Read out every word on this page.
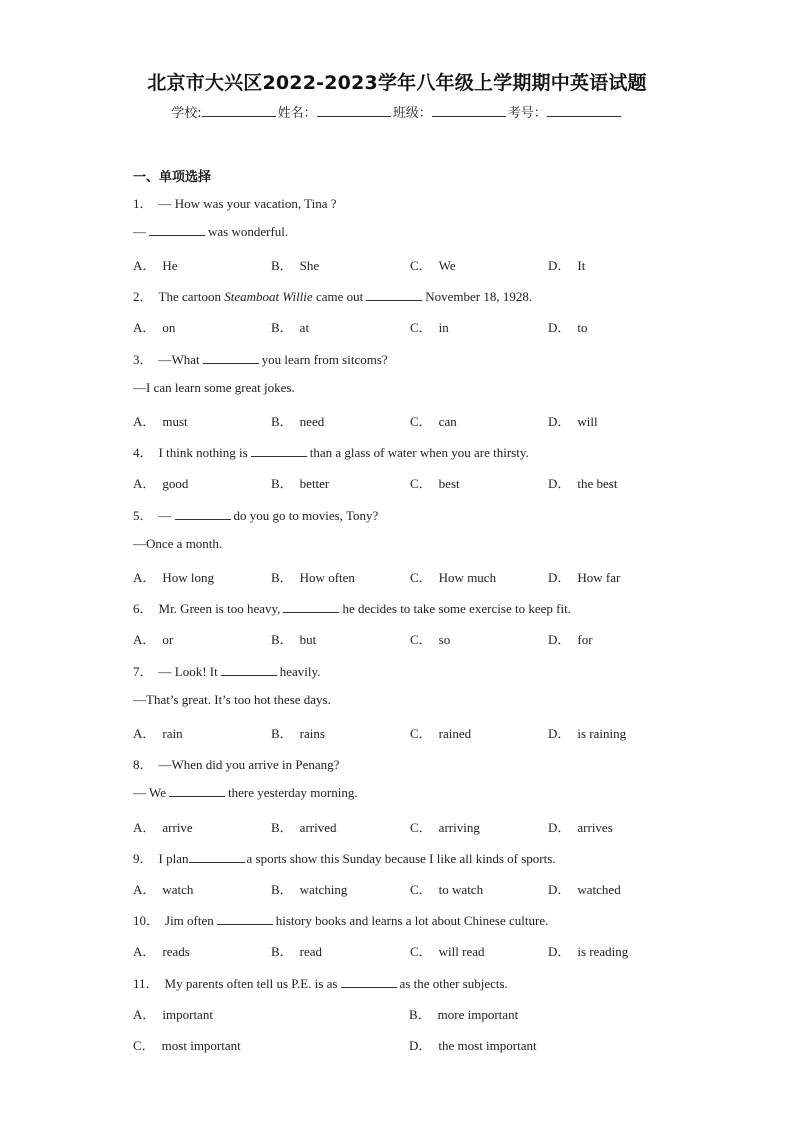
北京市大兴区2022-2023学年八年级上学期期中英语试题
学校:	姓名：	班级：	考号：
一、单项选择
1． — How was your vacation, Tina ?
—	was wonderful.
A． He	B． She	C． We	D． It
2． The cartoon Steamboat Willie came out	November 18, 1928.
A． on	B． at	C． in	D． to
3． —What	you learn from sitcoms?
—I can learn some great jokes.
A． must	B． need	C． can	D． will
4． I think nothing is	than a glass of water when you are thirsty.
A． good	B． better	C． best	D． the best
5． —	do you go to movies, Tony?
—Once a month.
A． How long	B． How often	C． How much	D． How far
6． Mr. Green is too heavy,	he decides to take some exercise to keep fit.
A． or	B． but	C． so	D． for
7． — Look! It	heavily.
—That’s great. It’s too hot these days.
A． rain	B． rains	C． rained	D． is raining
8． —When did you arrive in Penang?
— We	there yesterday morning.
A． arrive	B． arrived	C． arriving	D． arrives
9． I plan	a sports show this Sunday because I like all kinds of sports.
A． watch	B． watching	C． to watch	D． watched
10． Jim often	history books and learns a lot about Chinese culture.
A． reads	B． read	C． will read	D． is reading
11． My parents often tell us P.E. is as	as the other subjects.
A． important	B． more important
C． most important	D． the most important
